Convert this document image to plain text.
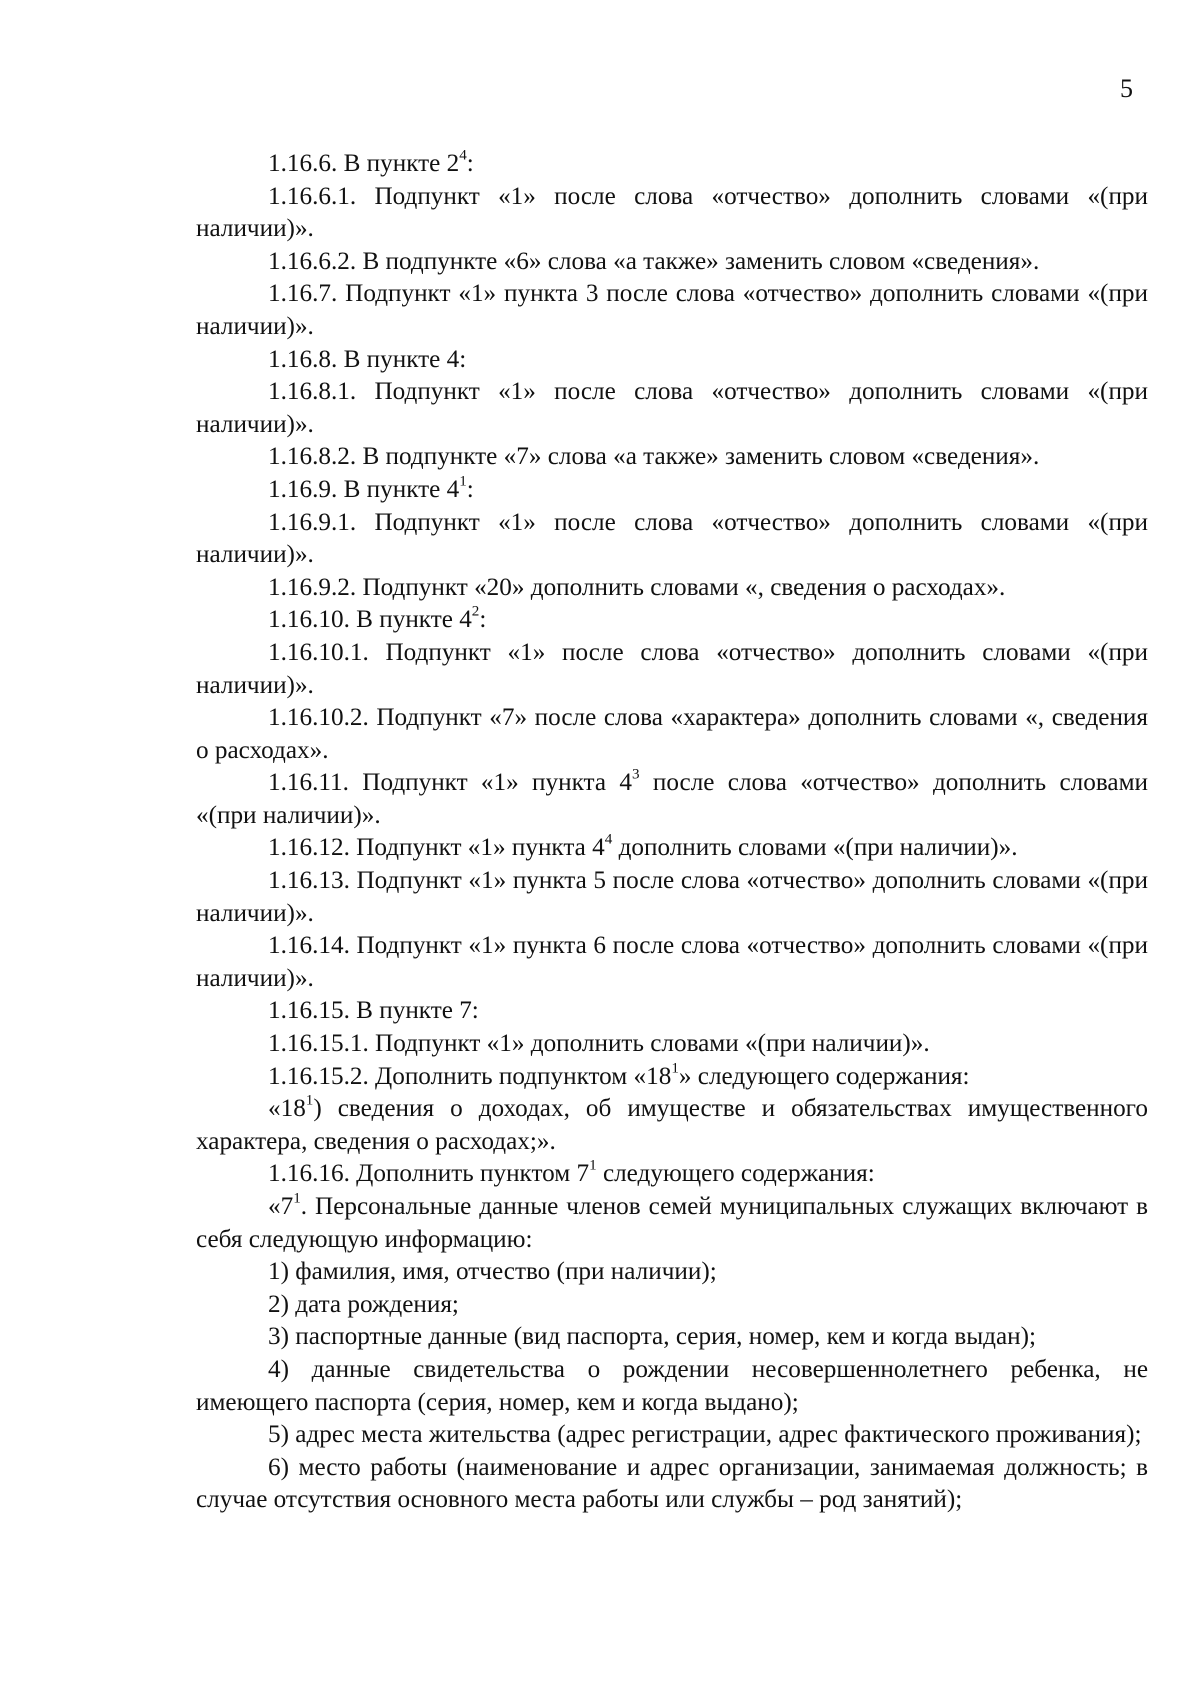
5

1.16.6. В пункте $2^4$:

1.16.6.1. Подпункт «1» после слова «отчество» дополнить словами «(при наличии)».

1.16.6.2. В подпункте «6» слова «а также» заменить словом «сведения».

1.16.7. Подпункт «1» пункта 3 после слова «отчество» дополнить словами «(при наличии)».

1.16.8. В пункте 4:

1.16.8.1. Подпункт «1» после слова «отчество» дополнить словами «(при наличии)».

1.16.8.2. В подпункте «7» слова «а также» заменить словом «сведения».

1.16.9. В пункте $4^1$:

1.16.9.1. Подпункт «1» после слова «отчество» дополнить словами «(при наличии)».

1.16.9.2. Подпункт «20» дополнить словами «, сведения о расходах».

1.16.10. В пункте $4^2$:

1.16.10.1. Подпункт «1» после слова «отчество» дополнить словами «(при наличии)».

1.16.10.2. Подпункт «7» после слова «характера» дополнить словами «, сведения о расходах».

1.16.11. Подпункт «1» пункта $4^3$ после слова «отчество» дополнить словами «(при наличии)».

1.16.12. Подпункт «1» пункта $4^4$ дополнить словами «(при наличии)».

1.16.13. Подпункт «1» пункта 5 после слова «отчество» дополнить словами «(при наличии)».

1.16.14. Подпункт «1» пункта 6 после слова «отчество» дополнить словами «(при наличии)».

1.16.15. В пункте 7:

1.16.15.1. Подпункт «1» дополнить словами «(при наличии)».

1.16.15.2. Дополнить подпунктом «$18^1$» следующего содержания:

«$18^1$) сведения о доходах, об имуществе и обязательствах имущественного характера, сведения о расходах;».

1.16.16. Дополнить пунктом $7^1$ следующего содержания:

«$7^1$. Персональные данные членов семей муниципальных служащих включают в себя следующую информацию:

1) фамилия, имя, отчество (при наличии);

2) дата рождения;

3) паспортные данные (вид паспорта, серия, номер, кем и когда выдан);

4) данные свидетельства о рождении несовершеннолетнего ребенка, не имеющего паспорта (серия, номер, кем и когда выдано);

5) адрес места жительства (адрес регистрации, адрес фактического проживания);

6) место работы (наименование и адрес организации, занимаемая должность; в случае отсутствия основного места работы или службы – род занятий);
